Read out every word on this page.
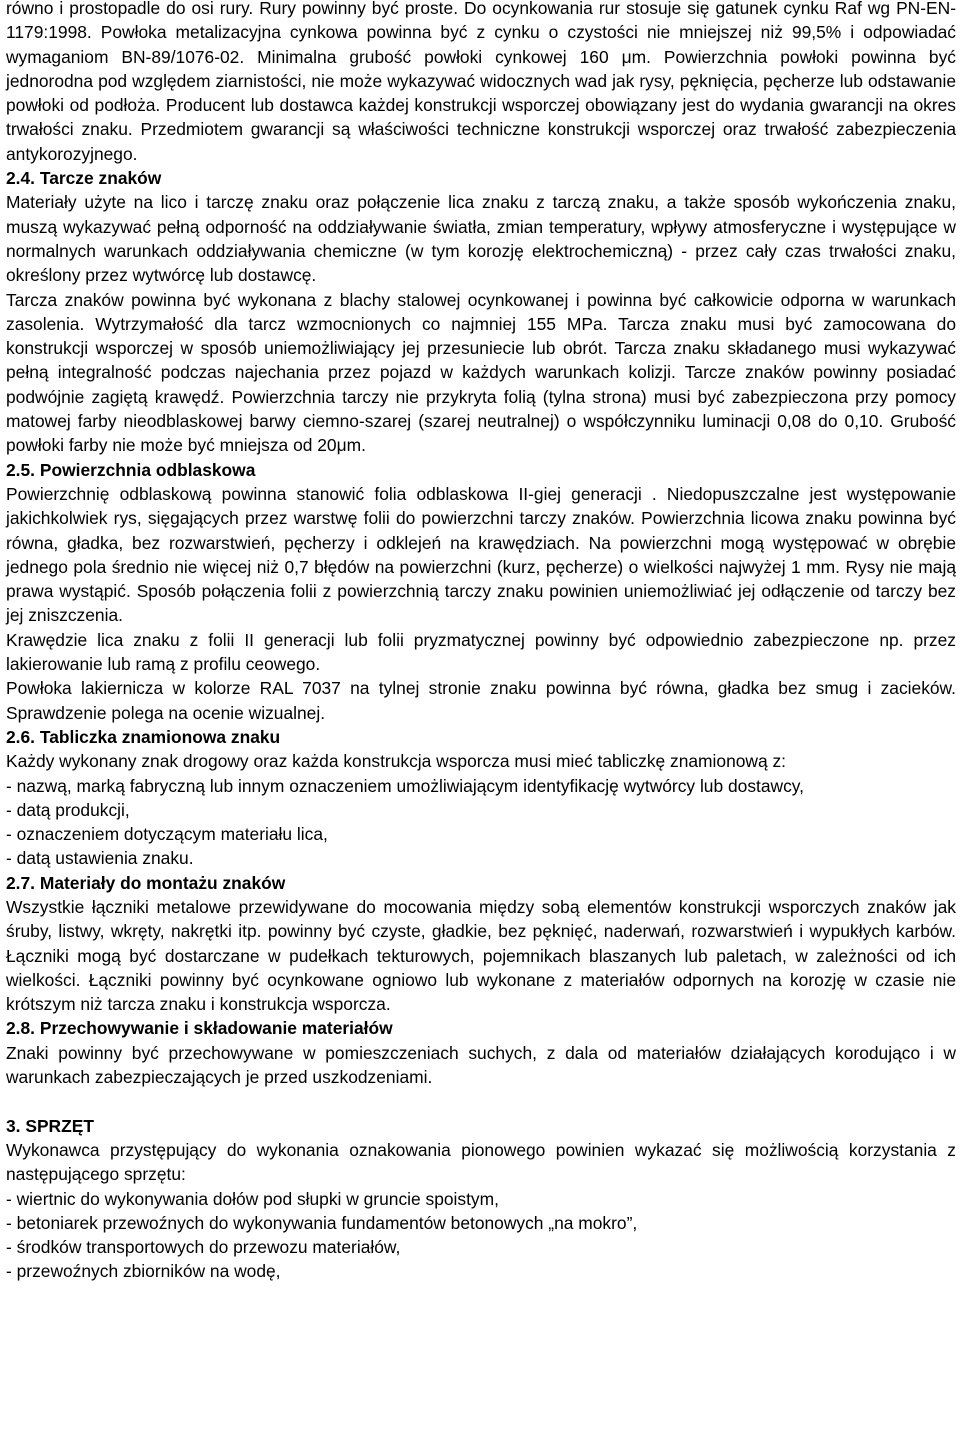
równo i prostopadle do osi rury. Rury powinny być proste. Do ocynkowania rur stosuje się gatunek cynku Raf wg PN-EN-1179:1998. Powłoka metalizacyjna cynkowa powinna być z cynku o czystości nie mniejszej niż 99,5% i odpowiadać wymaganiom BN-89/1076-02. Minimalna grubość powłoki cynkowej 160 μm. Powierzchnia powłoki powinna być jednorodna pod względem ziarnistości, nie może wykazywać widocznych wad jak rysy, pęknięcia, pęcherze lub odstawanie powłoki od podłoża. Producent lub dostawca każdej konstrukcji wsporczej obowiązany jest do wydania gwarancji na okres trwałości znaku. Przedmiotem gwarancji są właściwości techniczne konstrukcji wsporczej oraz trwałość zabezpieczenia antykorozyjnego.

2.4. Tarcze znaków

Materiały użyte na lico i tarczę znaku oraz połączenie lica znaku z tarczą znaku, a także sposób wykończenia znaku, muszą wykazywać pełną odporność na oddziaływanie światła, zmian temperatury, wpływy atmosferyczne i występujące w normalnych warunkach oddziaływania chemiczne (w tym korozję elektrochemiczną) - przez cały czas trwałości znaku, określony przez wytwórcę lub dostawcę.

Tarcza znaków powinna być wykonana z blachy stalowej ocynkowanej i powinna być całkowicie odporna w warunkach zasolenia. Wytrzymałość dla tarcz wzmocnionych co najmniej 155 MPa. Tarcza znaku musi być zamocowana do konstrukcji wsporczej w sposób uniemożliwiający jej przesuniecie lub obrót. Tarcza znaku składanego musi wykazywać pełną integralność podczas najechania przez pojazd w każdych warunkach kolizji. Tarcze znaków powinny posiadać podwójnie zagiętą krawędź. Powierzchnia tarczy nie przykryta folią (tylna strona) musi być zabezpieczona przy pomocy matowej farby nieodblaskowej barwy ciemno-szarej (szarej neutralnej) o współczynniku luminacji 0,08 do 0,10. Grubość powłoki farby nie może być mniejsza od 20μm.

2.5. Powierzchnia odblaskowa

Powierzchnię odblaskową powinna stanowić folia odblaskowa II-giej generacji . Niedopuszczalne jest występowanie jakichkolwiek rys, sięgających przez warstwę folii do powierzchni tarczy znaków. Powierzchnia licowa znaku powinna być równa, gładka, bez rozwarstwień, pęcherzy i odklejeń na krawędziach. Na powierzchni mogą występować w obrębie jednego pola średnio nie więcej niż 0,7 błędów na powierzchni (kurz, pęcherze) o wielkości najwyżej 1 mm. Rysy nie mają prawa wystąpić. Sposób połączenia folii z powierzchnią tarczy znaku powinien uniemożliwiać jej odłączenie od tarczy bez jej zniszczenia.

Krawędzie lica znaku z folii II generacji lub folii pryzmatycznej powinny być odpowiednio zabezpieczone np. przez lakierowanie lub ramą z profilu ceowego.

Powłoka lakiernicza w kolorze RAL 7037 na tylnej stronie znaku powinna być równa, gładka bez smug i zacieków. Sprawdzenie polega na ocenie wizualnej.

2.6. Tabliczka znamionowa znaku

Każdy wykonany znak drogowy oraz każda konstrukcja wsporcza musi mieć tabliczkę znamionową z:

- nazwą, marką fabryczną lub innym oznaczeniem umożliwiającym identyfikację wytwórcy lub dostawcy,
- datą produkcji,
- oznaczeniem dotyczącym materiału lica,
- datą ustawienia znaku.

2.7. Materiały do montażu znaków

Wszystkie łączniki metalowe przewidywane do mocowania między sobą elementów konstrukcji wsporczych znaków jak śruby, listwy, wkręty, nakrętki itp. powinny być czyste, gładkie, bez pęknięć, naderwań, rozwarstwień i wypukłych karbów. Łączniki mogą być dostarczane w pudełkach tekturowych, pojemnikach blaszanych lub paletach, w zależności od ich wielkości. Łączniki powinny być ocynkowane ogniowo lub wykonane z materiałów odpornych na korozję w czasie nie krótszym niż tarcza znaku i konstrukcja wsporcza.

2.8. Przechowywanie i składowanie materiałów

Znaki powinny być przechowywane w pomieszczeniach suchych, z dala od materiałów działających korodująco i w warunkach zabezpieczających je przed uszkodzeniami.

3. SPRZĘT

Wykonawca przystępujący do wykonania oznakowania pionowego powinien wykazać się możliwością korzystania z następującego sprzętu:

- wiertnic do wykonywania dołów pod słupki w gruncie spoistym,
- betoniarek przewoźnych do wykonywania fundamentów betonowych „na mokro”,
- środków transportowych do przewozu materiałów,
- przewoźnych zbiorników na wodę,
